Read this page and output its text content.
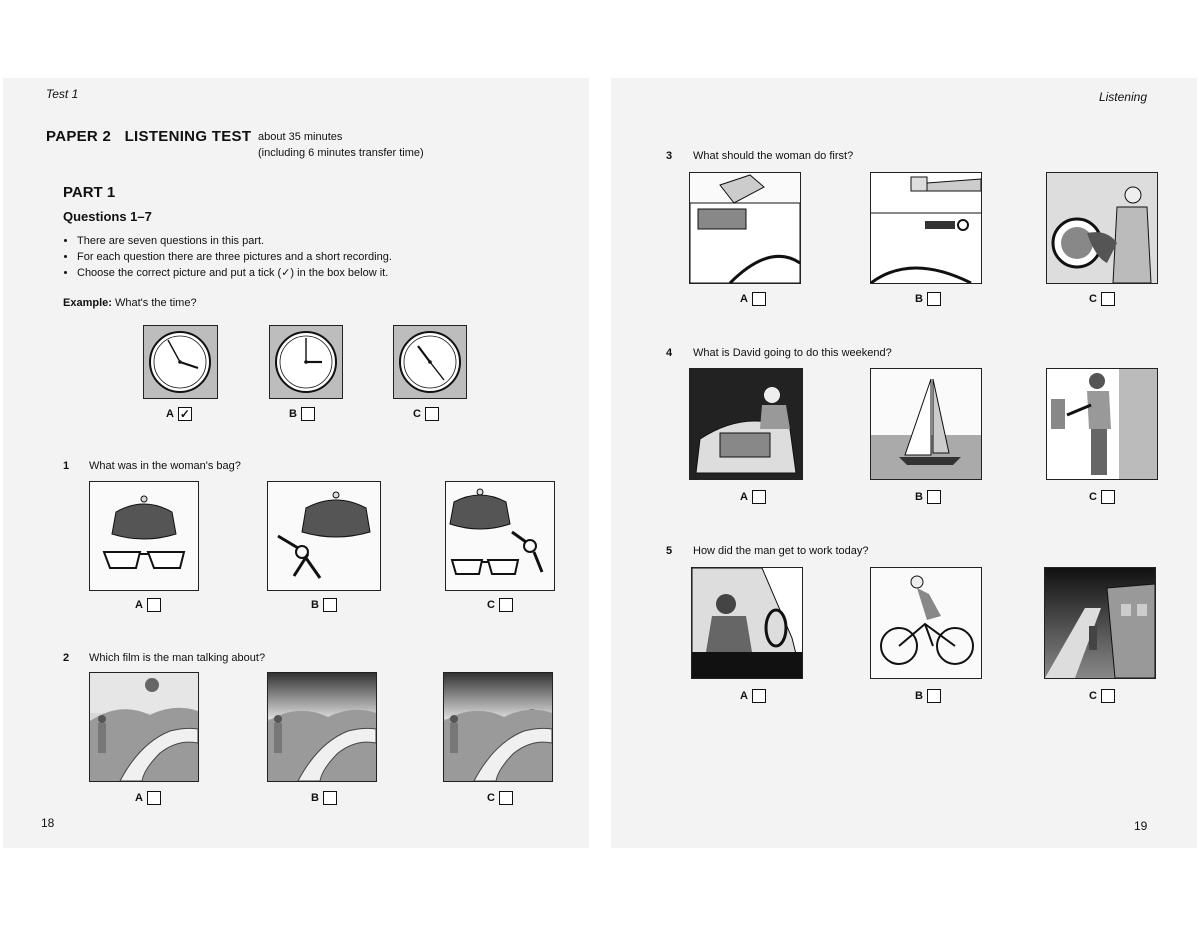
Test 1
PAPER 2   LISTENING TEST about 35 minutes
(including 6 minutes transfer time)
PART 1
Questions 1–7
• There are seven questions in this part.
• For each question there are three pictures and a short recording.
• Choose the correct picture and put a tick (✓) in the box below it.
Example: What's the time?
A ✓	B	C
1 What was in the woman's bag?
A	B	C
2 Which film is the man talking about?
A	B	C
18
Listening
3 What should the woman do first?
A	B	C
4 What is David going to do this weekend?
A	B	C
5 How did the man get to work today?
A	B	C
19
